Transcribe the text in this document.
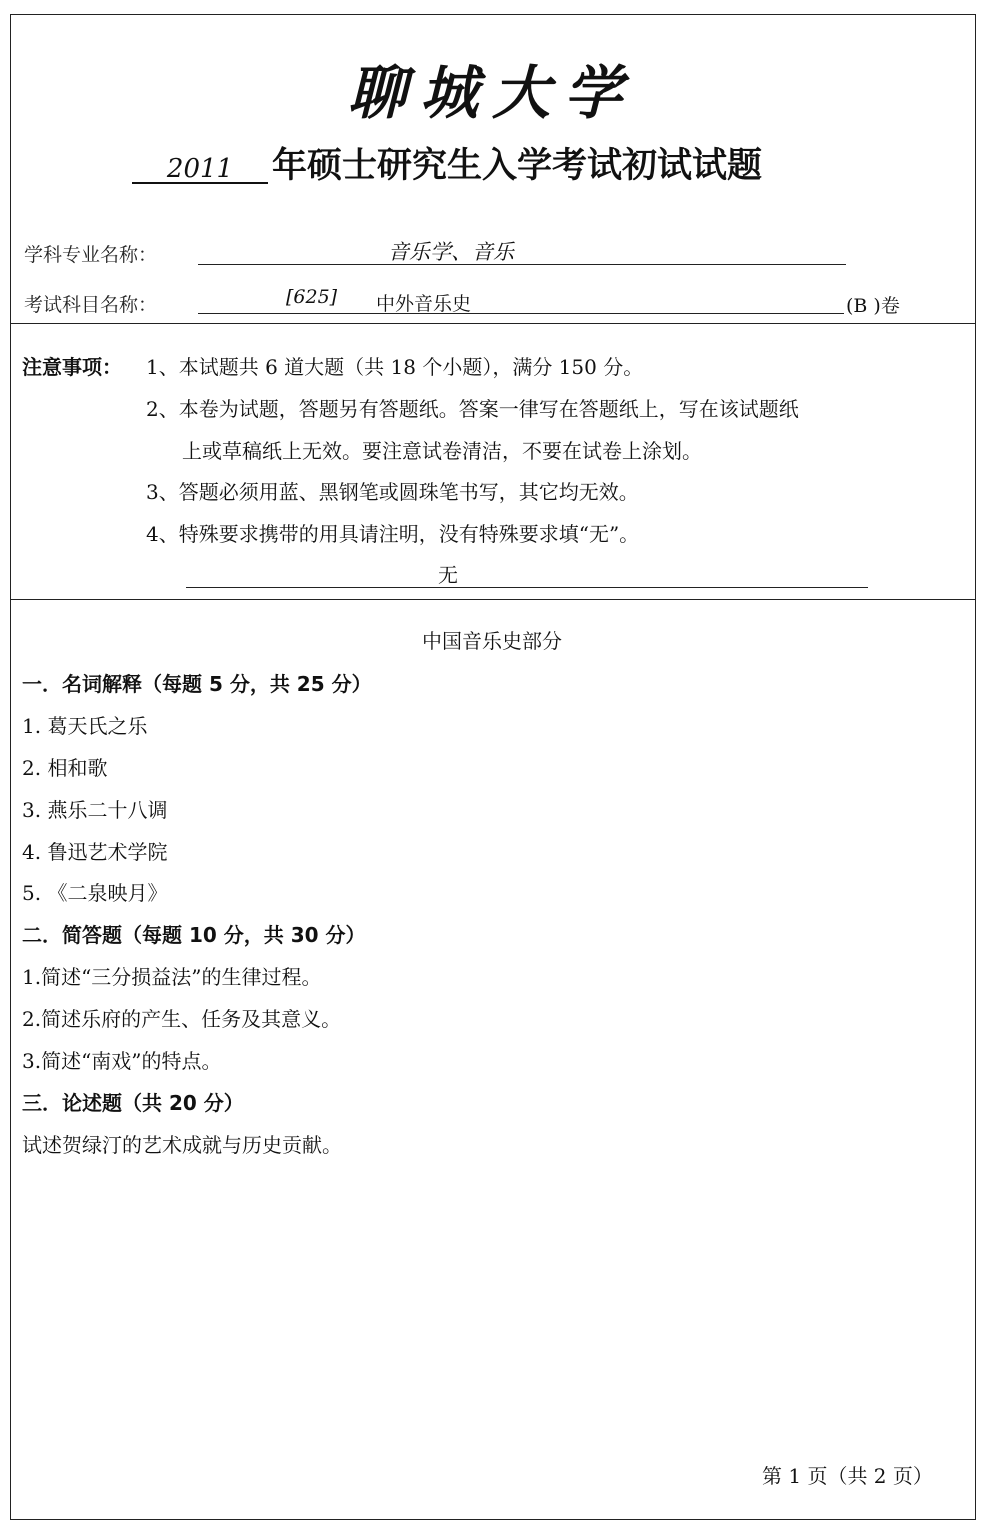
聊城大学
2011 年硕士研究生入学考试初试试题
学科专业名称：	音乐学、音乐
考试科目名称：	[625] 中外音乐史	(B )卷
注意事项： 1、本试题共 6 道大题（共 18 个小题），满分 150 分。
2、本卷为试题，答题另有答题纸。答案一律写在答题纸上，写在该试题纸
上或草稿纸上无效。要注意试卷清洁，不要在试卷上涂划。
3、答题必须用蓝、黑钢笔或圆珠笔书写，其它均无效。
4、特殊要求携带的用具请注明，没有特殊要求填“无”。
无
中国音乐史部分
一．名词解释（每题 5 分，共 25 分）
1. 葛天氏之乐
2. 相和歌
3. 燕乐二十八调
4. 鲁迅艺术学院
5. 《二泉映月》
二．简答题（每题 10 分，共 30 分）
1.简述“三分损益法”的生律过程。
2.简述乐府的产生、任务及其意义。
3.简述“南戏”的特点。
三．论述题（共 20 分）
试述贺绿汀的艺术成就与历史贡献。
第 1 页（共 2 页）
